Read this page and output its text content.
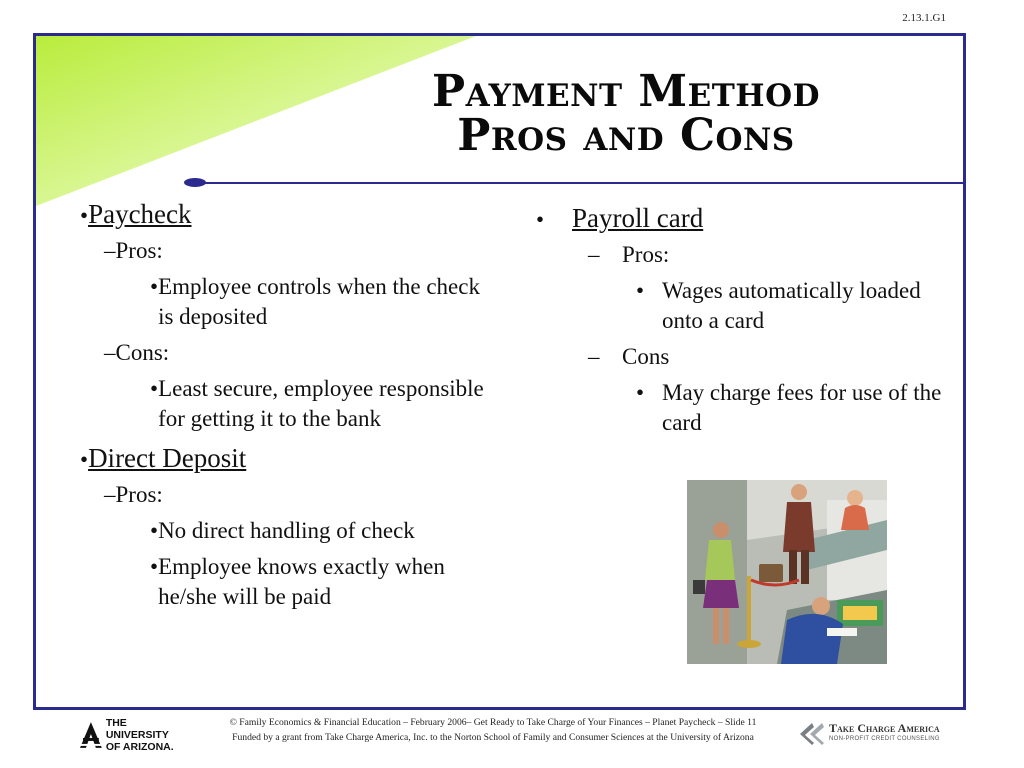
2.13.1.G1
Payment Method
Pros and Cons
• Paycheck
– Pros:
• Employee controls when the check is deposited
– Cons:
• Least secure, employee responsible for getting it to the bank
• Direct Deposit
– Pros:
• No direct handling of check
• Employee knows exactly when he/she will be paid
•	Payroll card
– Pros:
• Wages automatically loaded onto a card
– Cons
• May charge fees for use of the card
THE UNIVERSITY
OF ARIZONA.
© Family Economics & Financial Education – February 2006– Get Ready to Take Charge of Your Finances – Planet Paycheck – Slide 11
Funded by a grant from Take Charge America, Inc. to the Norton School of Family and Consumer Sciences at the University of Arizona
Take Charge America
NON-PROFIT CREDIT COUNSELING
